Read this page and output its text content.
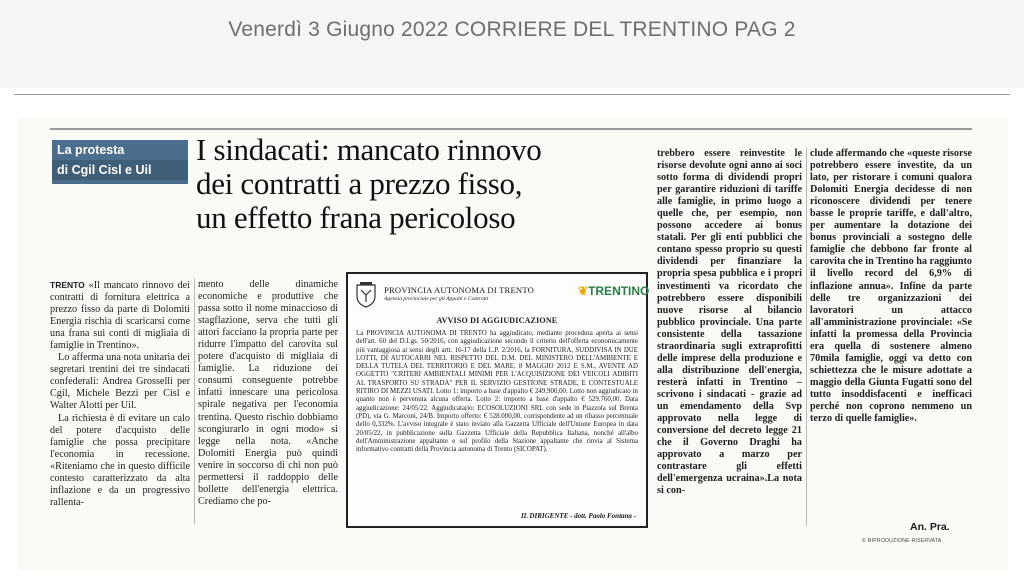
Venerdì 3 Giugno 2022 CORRIERE DEL TRENTINO PAG 2
La protesta
di Cgil Cisl e Uil
I sindacati: mancato rinnovo
dei contratti a prezzo fisso,
un effetto frana pericoloso

TRENTO «Il mancato rinnovo dei contratti di fornitura elettrica a prezzo fisso da parte di Dolomiti Energia rischia di scaricarsi come una frana sui conti di migliaia di famiglie in Trentino».

Lo afferma una nota unitaria dei segretari trentini dei tre sindacati confederali: Andrea Grosselli per Cgil, Michele Bezzi per Cisl e Walter Alotti per Uil.

La richiesta è di evitare un calo del potere d'acquisto delle famiglie che possa precipitare l'economia in recessione. «Riteniamo che in questo difficile contesto caratterizzato da alta inflazione e da un progressivo rallenta-

mento delle dinamiche economiche e produttive che passa sotto il nome minaccioso di stagflazione, serva che tutti gli attori facciano la propria parte per ridurre l'impatto del carovita sul potere d'acquisto di migliaia di famiglie. La riduzione dei consumi conseguente potrebbe infatti innescare una pericolosa spirale negativa per l'economia trentina. Questo rischio dobbiamo scongiurarlo in ogni modo» si legge nella nota. «Anche Dolomiti Energia può quindi venire in soccorso di chi non può permettersi il raddoppio delle bollette dell'energia elettrica. Crediamo che po-

PROVINCIA AUTONOMA DI TRENTO
Agenzia provinciale per gli Appalti e Contratti
❦TRENTINO
AVVISO DI AGGIUDICAZIONE
La PROVINCIA AUTONOMA DI TRENTO ha aggiudicato, mediante procedura aperta ai sensi dell'art. 60 del D.Lgs. 50/2016, con aggiudicazione secondo il criterio dell'offerta economicamente più vantaggiosa ai sensi degli artt. 16-17 della L.P. 2/2016, la FORNITURA, SUDDIVISA IN DUE LOTTI, DI AUTOCARRI NEL RISPETTO DEL D.M. DEL MINISTERO DELL'AMBIENTE E DELLA TUTELA DEL TERRITORIO E DEL MARE, 8 MAGGIO 2012 E S.M., AVENTE AD OGGETTO "CRITERI AMBIENTALI MINIMI PER L'ACQUISIZIONE DEI VEICOLI ADIBITI AL TRASPORTO SU STRADA" PER IL SERVIZIO GESTIONE STRADE, E CONTESTUALE RITIRO DI MEZZI USATI. Lotto 1: importo a base d'appalto € 249.900,00. Lotto non aggiudicato in quanto non è pervenuta alcuna offerta. Lotto 2: importo a base d'appalto € 529.760,00. Data aggiudicazione: 24/05/22. Aggiudicatario: ECOSOLUZIONI SRL con sede in Piazzola sul Brenta (PD), via G. Marconi, 24/B. Importo offerto: € 528.000,00, corrispondente ad un ribasso percentuale dello 0,332%. L'avviso integrale è stato inviato alla Gazzetta Ufficiale dell'Unione Europea in data 20/05/22, in pubblicazione sulla Gazzetta Ufficiale della Repubblica Italiana, nonché all'albo dell'Amministrazione appaltante e sul profilo della Stazione appaltante che rinvia al Sistema informativo contratti della Provincia autonoma di Trento (SICOPAT).
IL DIRIGENTE - dott. Paolo Fontana -

trebbero essere reinvestite le risorse devolute ogni anno ai soci sotto forma di dividendi propri per garantire riduzioni di tariffe alle famiglie, in primo luogo a quelle che, per esempio, non possono accedere ai bonus statali. Per gli enti pubblici che contano spesso proprio su questi dividendi per finanziare la propria spesa pubblica e i propri investimenti va ricordato che potrebbero essere disponibili nuove risorse al bilancio pubblico provinciale. Una parte consistente della tassazione straordinaria sugli extraprofitti delle imprese della produzione e alla distribuzione dell'energia, resterà infatti in Trentino – scrivono i sindacati - grazie ad un emendamento della Svp approvato nella legge di conversione del decreto legge 21 che il Governo Draghi ha approvato a marzo per contrastare gli effetti dell'emergenza ucraina».La nota si con-

clude affermando che «queste risorse potrebbero essere investite, da un lato, per ristorare i comuni qualora Dolomiti Energia decidesse di non riconoscere dividendi per tenere basse le proprie tariffe, e dall'altro, per aumentare la dotazione dei bonus provinciali a sostegno delle famiglie che debbono far fronte al carovita che in Trentino ha raggiunto il livello record del 6,9% di inflazione annua». Infine da parte delle tre organizzazioni dei lavoratori un attacco all'amministrazione provinciale: «Se infatti la promessa della Provincia era quella di sostenere almeno 70mila famiglie, oggi va detto con schiettezza che le misure adottate a maggio della Giunta Fugatti sono del tutto insoddisfacenti e inefficaci perché non coprono nemmeno un terzo di quelle famiglie».

An. Pra.
© RIPRODUZIONE RISERVATA
